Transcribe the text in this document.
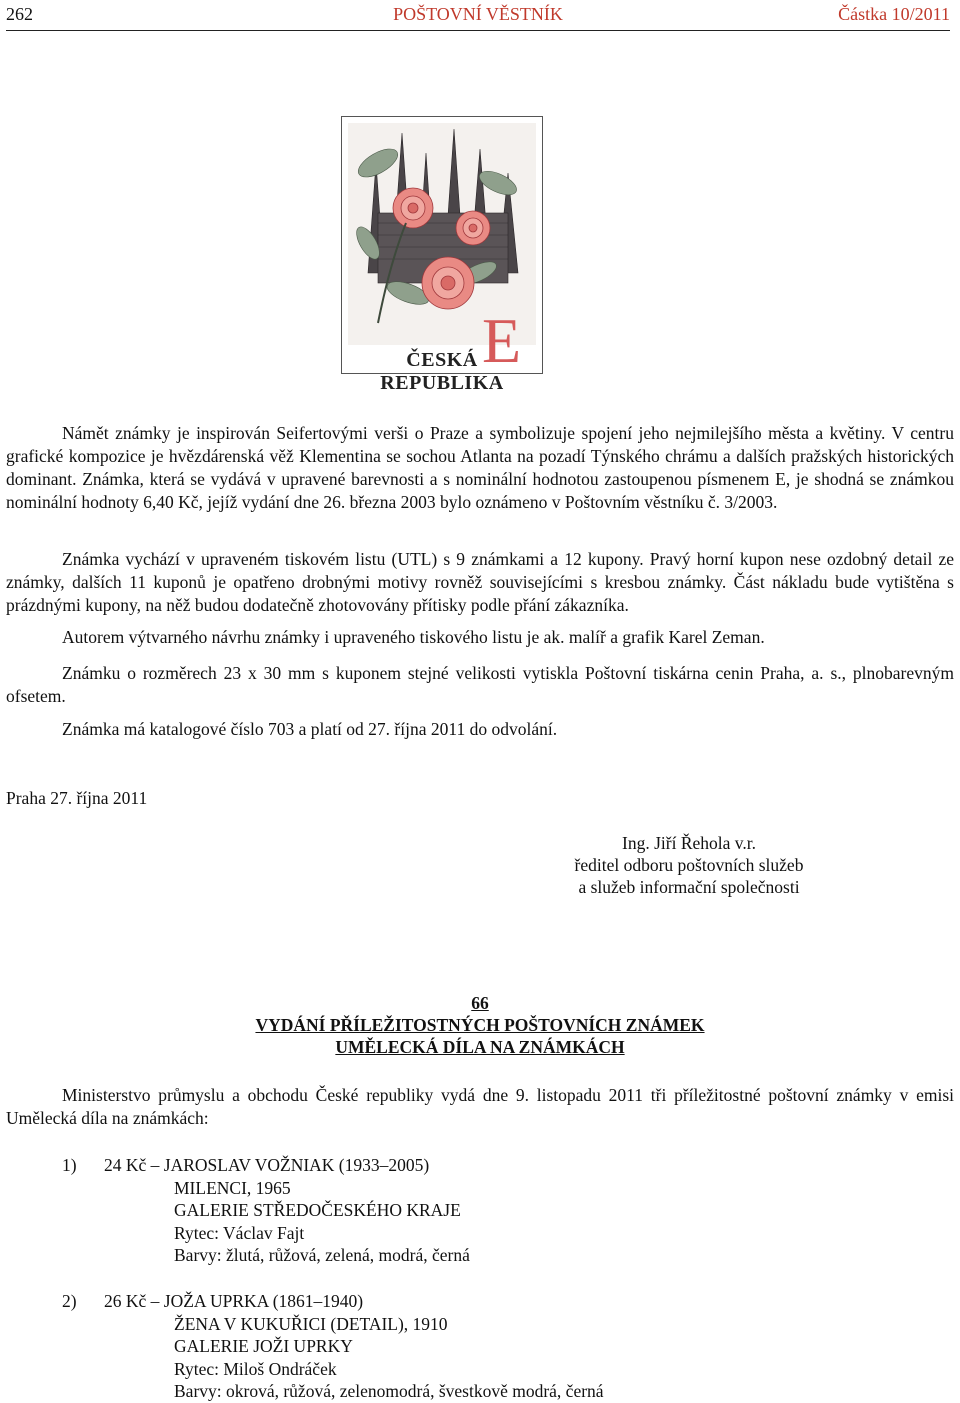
262	POŠTOVNÍ VĚSTNÍK	Částka 10/2011
E
ČESKÁ REPUBLIKA

Námět známky je inspirován Seifertovými verši o Praze a symbolizuje spojení jeho nejmilejšího města a květiny. V centru grafické kompozice je hvězdárenská věž Klementina se sochou Atlanta na pozadí Týnského chrámu a dalších pražských historických dominant. Známka, která se vydává v upravené barevnosti a s nominální hodnotou zastoupenou písmenem E, je shodná se známkou nominální hodnoty 6,40 Kč, jejíž vydání dne 26. března 2003 bylo oznámeno v Poštovním věstníku č. 3/2003.

Známka vychází v upraveném tiskovém listu (UTL) s 9 známkami a 12 kupony. Pravý horní kupon nese ozdobný detail ze známky, dalších 11 kuponů je opatřeno drobnými motivy rovněž souvisejícími s kresbou známky. Část nákladu bude vytištěna s prázdnými kupony, na něž budou dodatečně zhotovovány přítisky podle přání zákazníka.

Autorem výtvarného návrhu známky i upraveného tiskového listu je ak. malíř a grafik Karel Zeman.

Známku o rozměrech 23 x 30 mm s kuponem stejné velikosti vytiskla Poštovní tiskárna cenin Praha, a. s., plnobarevným ofsetem.

Známka má katalogové číslo 703 a platí od 27. října 2011 do odvolání.

Praha 27. října 2011
Ing. Jiří Řehola v.r.
ředitel odboru poštovních služeb
a služeb informační společnosti
66
VYDÁNÍ PŘÍLEŽITOSTNÝCH POŠTOVNÍCH ZNÁMEK
UMĚLECKÁ DÍLA NA ZNÁMKÁCH

Ministerstvo průmyslu a obchodu České republiky vydá dne 9. listopadu 2011 tři příležitostné poštovní známky v emisi Umělecká díla na známkách:

1) 24 Kč – JAROSLAV VOŽNIAK (1933–2005)
MILENCI, 1965
GALERIE STŘEDOČESKÉHO KRAJE
Rytec: Václav Fajt
Barvy: žlutá, růžová, zelená, modrá, černá
2) 26 Kč – JOŽA UPRKA (1861–1940)
ŽENA V KUKUŘICI (DETAIL), 1910
GALERIE JOŽI UPRKY
Rytec: Miloš Ondráček
Barvy: okrová, růžová, zelenomodrá, švestkově modrá, černá
